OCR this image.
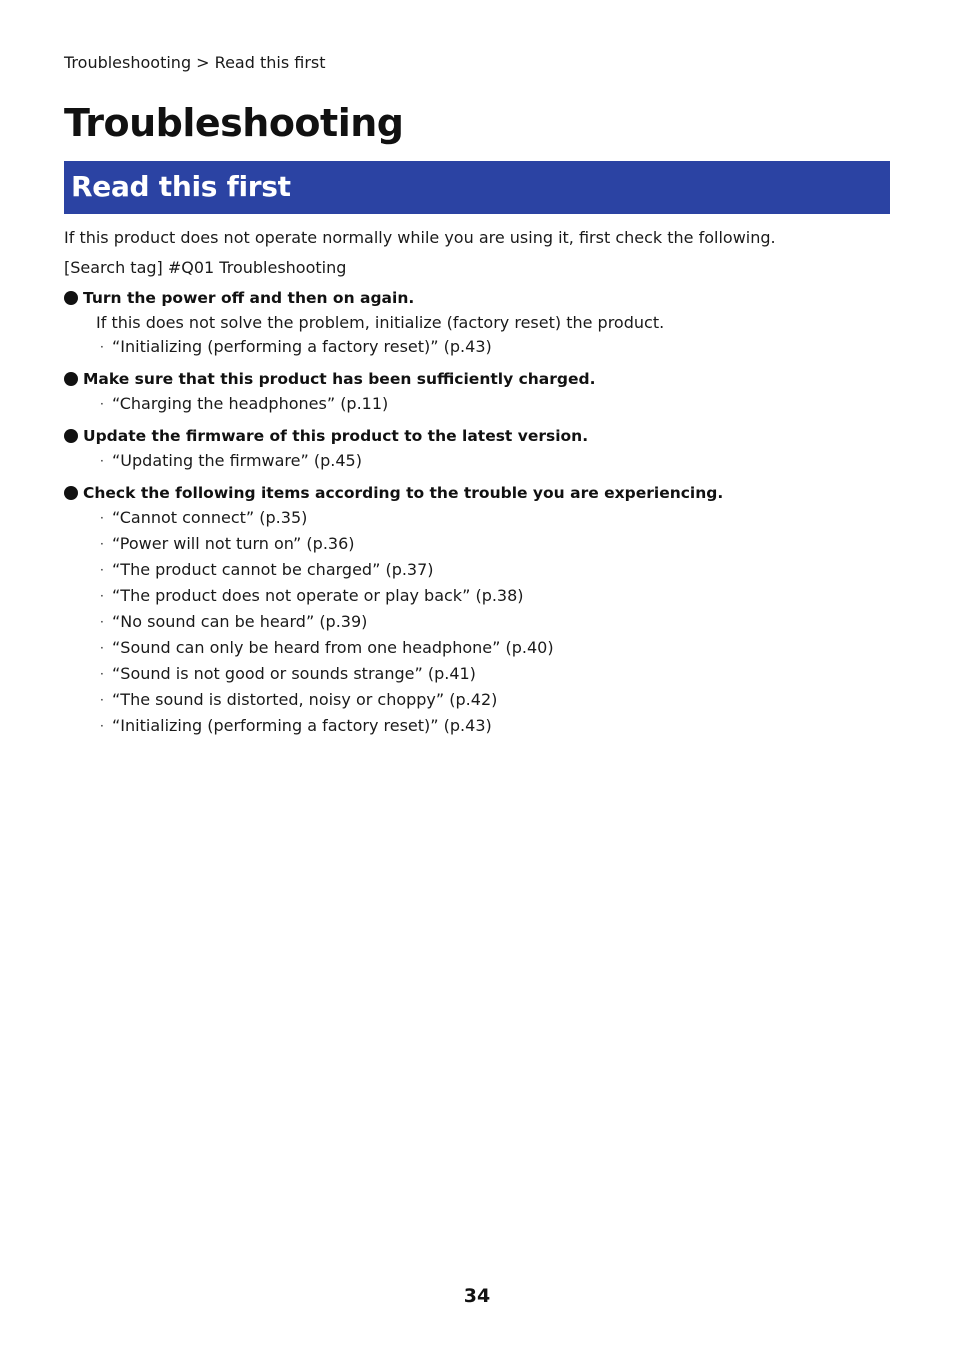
Troubleshooting > Read this first
Troubleshooting
Read this first

If this product does not operate normally while you are using it, first check the following.

[Search tag] #Q01 Troubleshooting

Turn the power off and then on again.

If this does not solve the problem, initialize (factory reset) the product.

· “Initializing (performing a factory reset)” (p.43)
Make sure that this product has been sufficiently charged.
· “Charging the headphones” (p.11)
Update the firmware of this product to the latest version.
· “Updating the firmware” (p.45)
Check the following items according to the trouble you are experiencing.
· “Cannot connect” (p.35)
· “Power will not turn on” (p.36)
· “The product cannot be charged” (p.37)
· “The product does not operate or play back” (p.38)
· “No sound can be heard” (p.39)
· “Sound can only be heard from one headphone” (p.40)
· “Sound is not good or sounds strange” (p.41)
· “The sound is distorted, noisy or choppy” (p.42)
· “Initializing (performing a factory reset)” (p.43)
34
